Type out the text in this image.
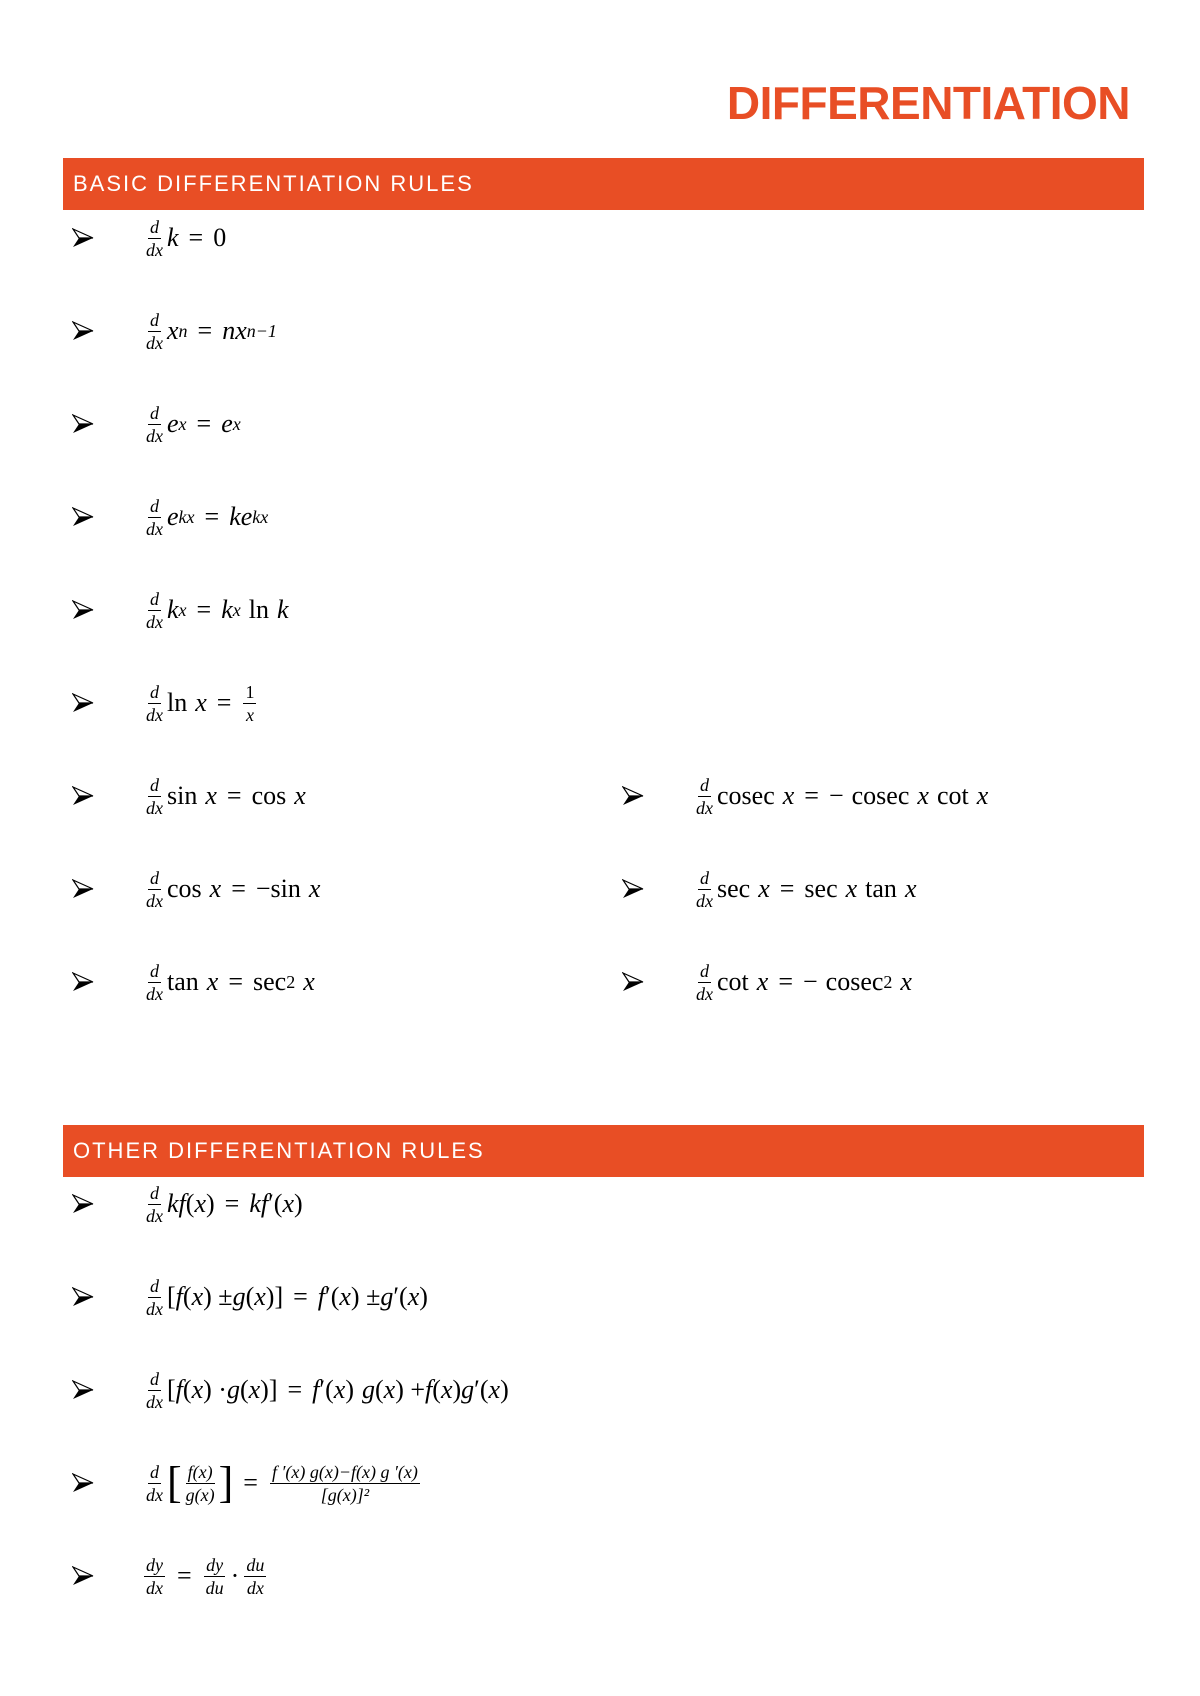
DIFFERENTIATION
BASIC DIFFERENTIATION RULES
$\frac{d}{dx}$ k = 0
$\frac{d}{dx}$ x n = nx n−1
$\frac{d}{dx}$ e x = e x
$\frac{d}{dx}$ e kx = ke kx
$\frac{d}{dx}$ k x = k x ln k
$\frac{d}{dx}$ $\ln x = \frac{1}{x}$
$\frac{d}{dx}$ sin x = cos x
$\frac{d}{dx}$ cos x = −sin x
$\frac{d}{dx}$ tan x = sec 2 x
$\frac{d}{dx}$ cosec x = − cosec x cot x
$\frac{d}{dx}$ sec x = sec x tan x
$\frac{d}{dx}$ cot x = − cosec 2 x
OTHER DIFFERENTIATION RULES
$\frac{d}{dx}$ kf ( x ) = kf ′( x )
$\frac{d}{dx}$ [ f ( x ) ± g ( x )] = f ′( x ) ± g ′( x )
$\frac{d}{dx}$ [ f ( x ) · g ( x )] = f ′( x ) g ( x ) + f ( x ) g ′( x )
$\frac{d}{dx}$ [ $\frac{f(x)}{g(x)}$ ] = $\frac{f '(x) g(x)-f(x) g '(x)}{\text{[g(x)]²}}$
$\frac{dy}{dx} = \frac{dy}{du} \cdot \frac{du}{dx}$
